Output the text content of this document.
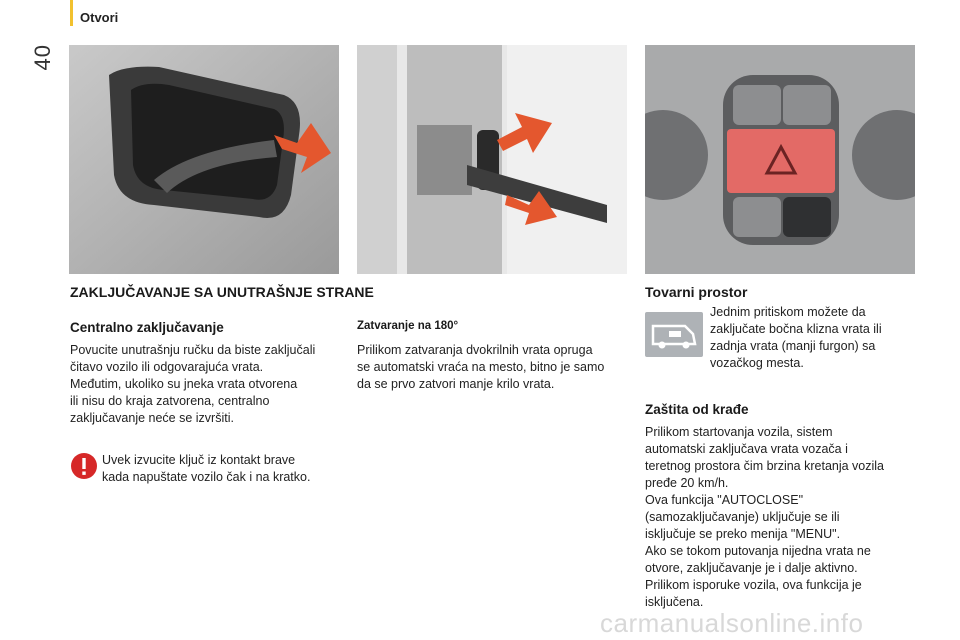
40
Otvori
ZAKLJUČAVANJE SA UNUTRAŠNJE STRANE
Centralno zaključavanje
Povucite unutrašnju ručku da biste zaključali
čitavo vozilo ili odgovarajuća vrata.
Međutim, ukoliko su jneka vrata otvorena
ili nisu do kraja zatvorena, centralno
zaključavanje neće se izvršiti.
Uvek izvucite ključ iz kontakt brave
kada napuštate vozilo čak i na kratko.
Zatvaranje na 180°
Prilikom zatvaranja dvokrilnih vrata opruga
se automatski vraća na mesto, bitno je samo
da se prvo zatvori manje krilo vrata.
Tovarni prostor
Jednim pritiskom možete da
zaključate bočna klizna vrata ili
zadnja vrata (manji furgon) sa
vozačkog mesta.
Zaštita od krađe
Prilikom startovanja vozila, sistem
automatski zaključava vrata vozača i
teretnog prostora čim brzina kretanja vozila
pređe 20 km/h.
Ova funkcija "AUTOCLOSE"
(samozaključavanje) uključuje se ili
isključuje se preko menija "MENU".
Ako se tokom putovanja nijedna vrata ne
otvore, zaključavanje je i dalje aktivno.
Prilikom isporuke vozila, ova funkcija je
isključena.
carmanualsonline.info
